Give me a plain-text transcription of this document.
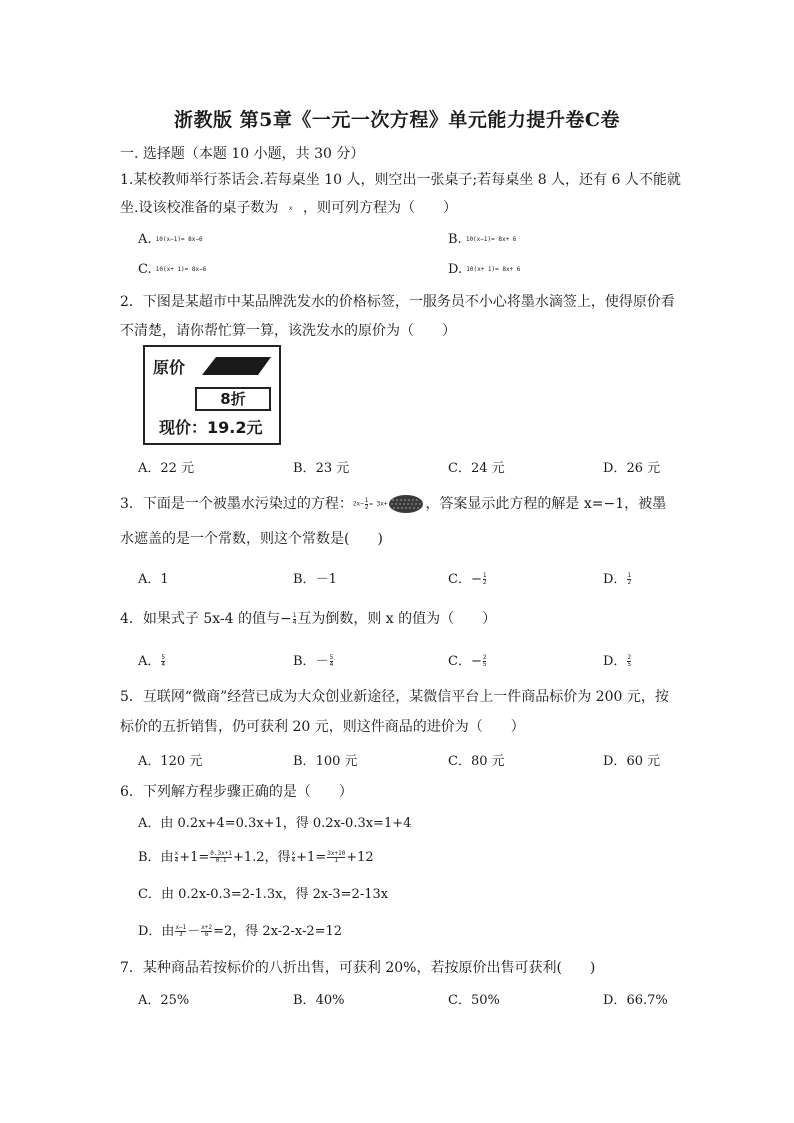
浙教版 第5章《一元一次方程》单元能力提升卷C卷
一. 选择题（本题 10 小题，共 30 分）
1.某校教师举行茶话会.若每桌坐 10 人，则空出一张桌子;若每桌坐 8 人，还有 6 人不能就
坐.设该校准备的桌子数为 x ，则可列方程为（　　）
A. 10(x−1)= 8x−6	B. 10(x−1)= 8x+ 6
C. 10(x+ 1)= 8x−6	D. 10(x+ 1)= 8x+ 6
2．下图是某超市中某品牌洗发水的价格标签，一服务员不小心将墨水滴签上，使得原价看
不清楚，请你帮忙算一算，该洗发水的原价为（　　）
原价
8折
现价：19.2元
A．22 元	B．23 元	C．24 元	D．26 元
3．下面是一个被墨水污染过的方程：$2x- \frac{1}{2} = 3x+$	，答案显示此方程的解是 x=−1，被墨
水遮盖的是一个常数，则这个常数是(　　)
A．1	B．－1	C．− $\frac{1}{2}$	D． $\frac{1}{2}$
4．如果式子 5x-4 的值与− $\frac{1}{4}$ 互为倒数，则 x 的值为（　　）
A． $\frac{5}{4}$	B．－ $\frac{5}{4}$	C．− $\frac{2}{5}$	D． $\frac{2}{5}$
5．互联网“微商”经营已成为大众创业新途径，某微信平台上一件商品标价为 200 元，按
标价的五折销售，仍可获利 20 元，则这件商品的进价为（　　）
A．120 元	B．100 元	C．80 元	D．60 元
6．下列解方程步骤正确的是（　　）
A．由 0.2x+4=0.3x+1，得 0.2x-0.3x=1+4
B．由 $\frac{x}{4} +1= \frac{0.3x+1}{0.1} +1.2$，得 $\frac{x}{4} +1= \frac{3x+10}{1} +12$
C．由 0.2x-0.3=2-1.3x，得 2x-3=2-13x
D．由 $\frac{x-1}{3} - \frac{x+2}{6} =2$，得 2x-2-x-2=12
7．某种商品若按标价的八折出售，可获利 20%，若按原价出售可获利(　　)
A．25%	B．40%	C．50%	D．66.7%
